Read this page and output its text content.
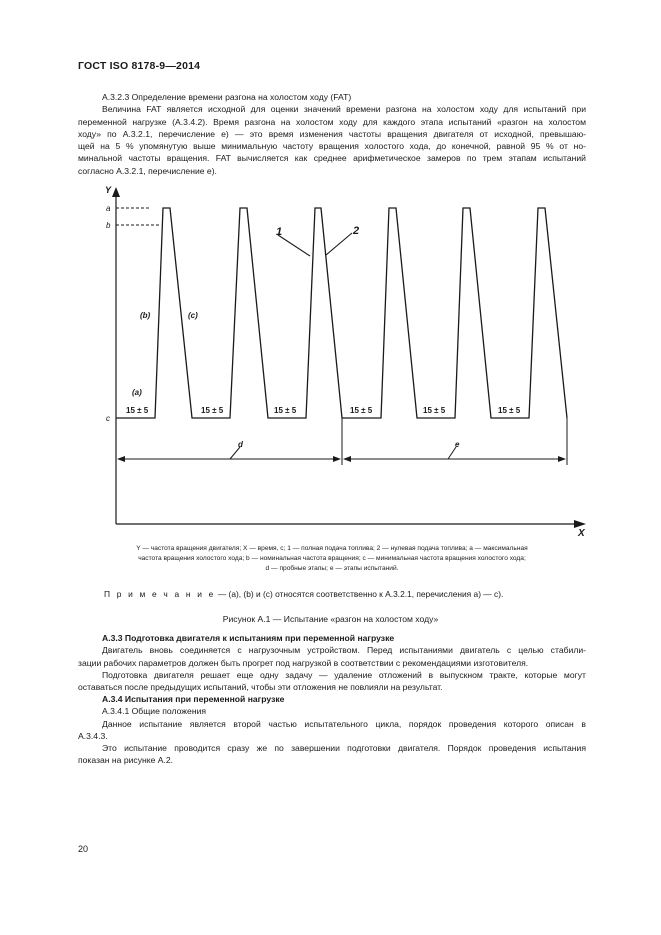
ГОСТ ISO 8178-9—2014
А.3.2.3 Определение времени разгона на холостом ходу (FAT)
Величина FAT является исходной для оценки значений времени разгона на холостом ходу для испытаний при
переменной нагрузке (А.3.4.2). Время разгона на холостом ходу для каждого этапа испытаний «разгон на холостом
ходу» по А.3.2.1, перечисление е) — это время изменения частоты вращения двигателя от исходной, превышаю-
щей на 5 % упомянутую выше минимальную частоту вращения холостого хода, до конечной, равной 95 % от но-
минальной частоты вращения. FAT вычисляется как среднее арифметическое замеров по трем этапам испытаний
согласно А.3.2.1, перечисление е).
Y
X
a
b
c
d	e
15 ± 5	15 ± 5	15 ± 5	15 ± 5	15 ± 5	15 ± 5
(b)	(c)
(a)
1	2
Y — частота вращения двигателя; X — время, с; 1 — полная подача топлива; 2 — нулевая подача топлива; a — максимальная
частота вращения холостого хода; b — номинальная частота вращения; c — минимальная частота вращения холостого хода;
d — пробные этапы; e — этапы испытаний.
П р и м е ч а н и е — (a), (b) и (c) относятся соответственно к А.3.2.1, перечисления a) — c).
Рисунок А.1 — Испытание «разгон на холостом ходу»
А.3.3 Подготовка двигателя к испытаниям при переменной нагрузке
Двигатель вновь соединяется с нагрузочным устройством. Перед испытаниями двигатель с целью стабили-
зации рабочих параметров должен быть прогрет под нагрузкой в соответствии с рекомендациями изготовителя.
Подготовка двигателя решает еще одну задачу — удаление отложений в выпускном тракте, которые могут
оставаться после предыдущих испытаний, чтобы эти отложения не повлияли на результат.
А.3.4 Испытания при переменной нагрузке
А.3.4.1 Общие положения
Данное испытание является второй частью испытательного цикла, порядок проведения которого описан в
А.3.4.3.
Это испытание проводится сразу же по завершении подготовки двигателя. Порядок проведения испытания
показан на рисунке А.2.
20
